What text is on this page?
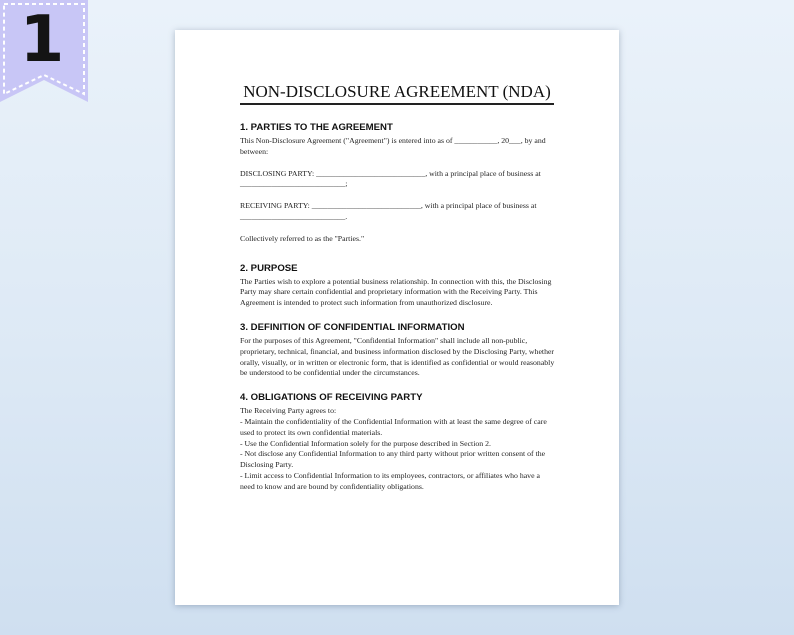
1
NON-DISCLOSURE AGREEMENT (NDA)
1. PARTIES TO THE AGREEMENT

This Non-Disclosure Agreement ("Agreement") is entered into as of ___________, 20___, by and between:

DISCLOSING PARTY: ____________________________, with a principal place of business at ___________________________;

RECEIVING PARTY: ____________________________, with a principal place of business at ___________________________.

Collectively referred to as the "Parties."

2. PURPOSE

The Parties wish to explore a potential business relationship. In connection with this, the Disclosing Party may share certain confidential and proprietary information with the Receiving Party. This Agreement is intended to protect such information from unauthorized disclosure.

3. DEFINITION OF CONFIDENTIAL INFORMATION

For the purposes of this Agreement, "Confidential Information" shall include all non-public, proprietary, technical, financial, and business information disclosed by the Disclosing Party, whether orally, visually, or in written or electronic form, that is identified as confidential or would reasonably be understood to be confidential under the circumstances.

4. OBLIGATIONS OF RECEIVING PARTY

The Receiving Party agrees to:

- Maintain the confidentiality of the Confidential Information with at least the same degree of care used to protect its own confidential materials.

- Use the Confidential Information solely for the purpose described in Section 2.

- Not disclose any Confidential Information to any third party without prior written consent of the Disclosing Party.

- Limit access to Confidential Information to its employees, contractors, or affiliates who have a need to know and are bound by confidentiality obligations.
